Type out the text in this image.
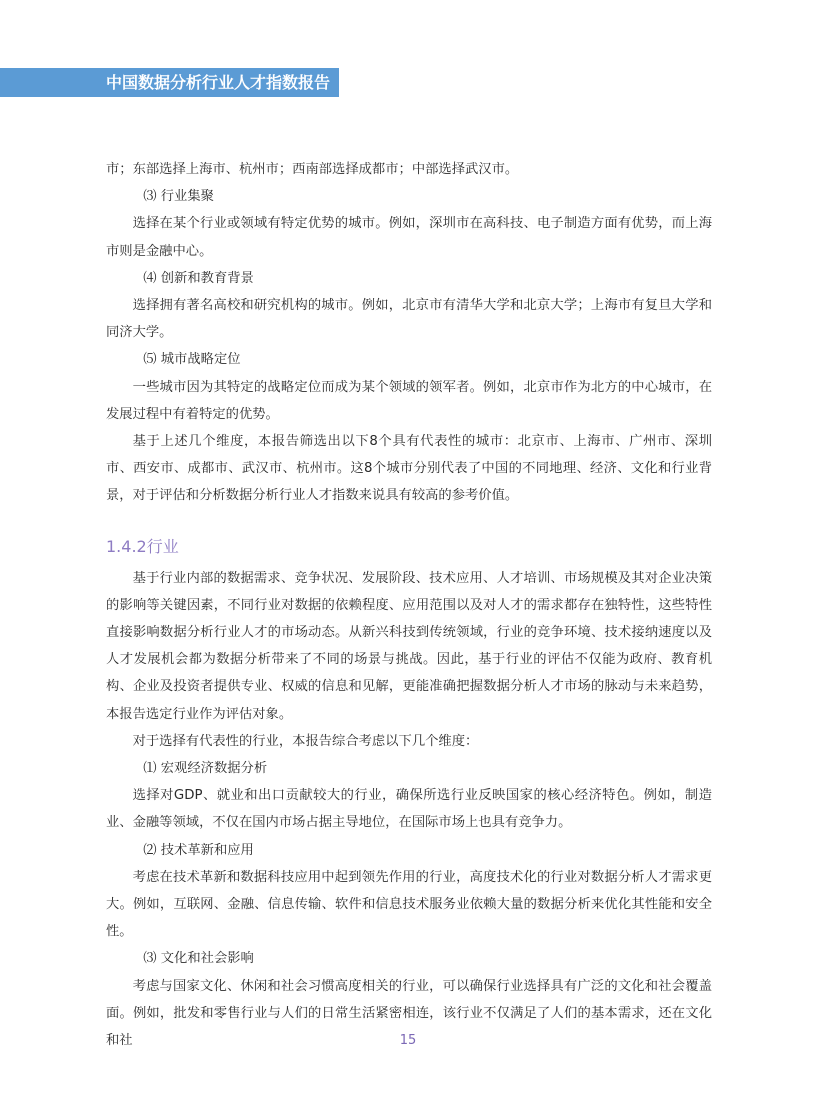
中国数据分析行业人才指数报告

市；东部选择上海市、杭州市；西南部选择成都市；中部选择武汉市。

⑶ 行业集聚

选择在某个行业或领域有特定优势的城市。例如，深圳市在高科技、电子制造方面有优势，而上海市则是金融中心。

⑷ 创新和教育背景

选择拥有著名高校和研究机构的城市。例如，北京市有清华大学和北京大学；上海市有复旦大学和同济大学。

⑸ 城市战略定位

一些城市因为其特定的战略定位而成为某个领域的领军者。例如，北京市作为北方的中心城市，在发展过程中有着特定的优势。

基于上述几个维度，本报告筛选出以下8个具有代表性的城市：北京市、上海市、广州市、深圳市、西安市、成都市、武汉市、杭州市。这8个城市分别代表了中国的不同地理、经济、文化和行业背景，对于评估和分析数据分析行业人才指数来说具有较高的参考价值。

1.4.2行业

基于行业内部的数据需求、竞争状况、发展阶段、技术应用、人才培训、市场规模及其对企业决策的影响等关键因素，不同行业对数据的依赖程度、应用范围以及对人才的需求都存在独特性，这些特性直接影响数据分析行业人才的市场动态。从新兴科技到传统领域，行业的竞争环境、技术接纳速度以及人才发展机会都为数据分析带来了不同的场景与挑战。因此，基于行业的评估不仅能为政府、教育机构、企业及投资者提供专业、权威的信息和见解，更能准确把握数据分析人才市场的脉动与未来趋势，本报告选定行业作为评估对象。

对于选择有代表性的行业，本报告综合考虑以下几个维度：

⑴ 宏观经济数据分析

选择对GDP、就业和出口贡献较大的行业，确保所选行业反映国家的核心经济特色。例如，制造业、金融等领域，不仅在国内市场占据主导地位，在国际市场上也具有竞争力。

⑵ 技术革新和应用

考虑在技术革新和数据科技应用中起到领先作用的行业，高度技术化的行业对数据分析人才需求更大。例如，互联网、金融、信息传输、软件和信息技术服务业依赖大量的数据分析来优化其性能和安全性。

⑶ 文化和社会影响

考虑与国家文化、休闲和社会习惯高度相关的行业，可以确保行业选择具有广泛的文化和社会覆盖面。例如，批发和零售行业与人们的日常生活紧密相连，该行业不仅满足了人们的基本需求，还在文化和社	15
